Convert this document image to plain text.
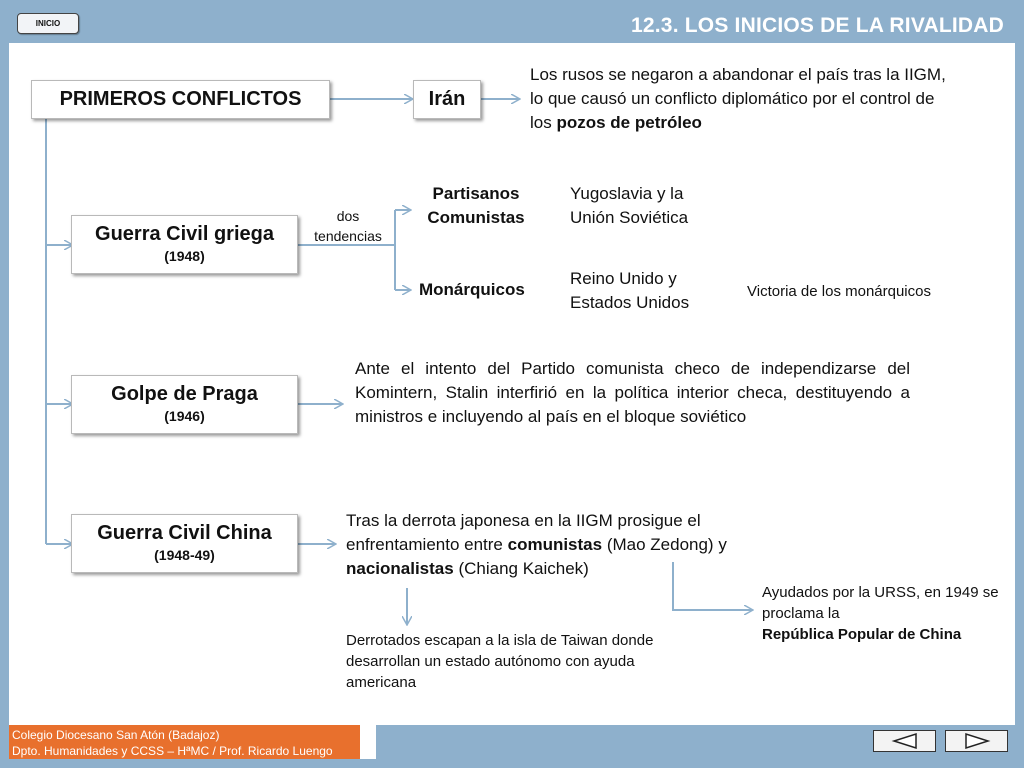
INICIO	12.3. LOS INICIOS DE LA RIVALIDAD
PRIMEROS CONFLICTOS	Irán
Los rusos se negaron a abandonar el país tras la IIGM, lo que causó un conflicto diplomático por el control de los pozos de petróleo
Guerra Civil griega
(1948)
dos
tendencias
Partisanos
Comunistas
Yugoslavia y la
Unión Soviética
Monárquicos
Reino Unido y
Estados Unidos
Victoria de los monárquicos
Golpe de Praga
(1946)
Ante el intento del Partido comunista checo de independizarse del Komintern, Stalin interfirió en la política interior checa, destituyendo a ministros e incluyendo al país en el bloque soviético
Guerra Civil China
(1948-49)
Tras la derrota japonesa en la IIGM prosigue el enfrentamiento entre comunistas (Mao Zedong) y nacionalistas (Chiang Kaichek)
Derrotados escapan a la isla de Taiwan donde desarrollan un estado autónomo con ayuda americana
Ayudados por la URSS, en 1949 se proclama la
República Popular de China
Colegio Diocesano San Atón (Badajoz)
Dpto. Humanidades y CCSS – HªMC / Prof. Ricardo Luengo
